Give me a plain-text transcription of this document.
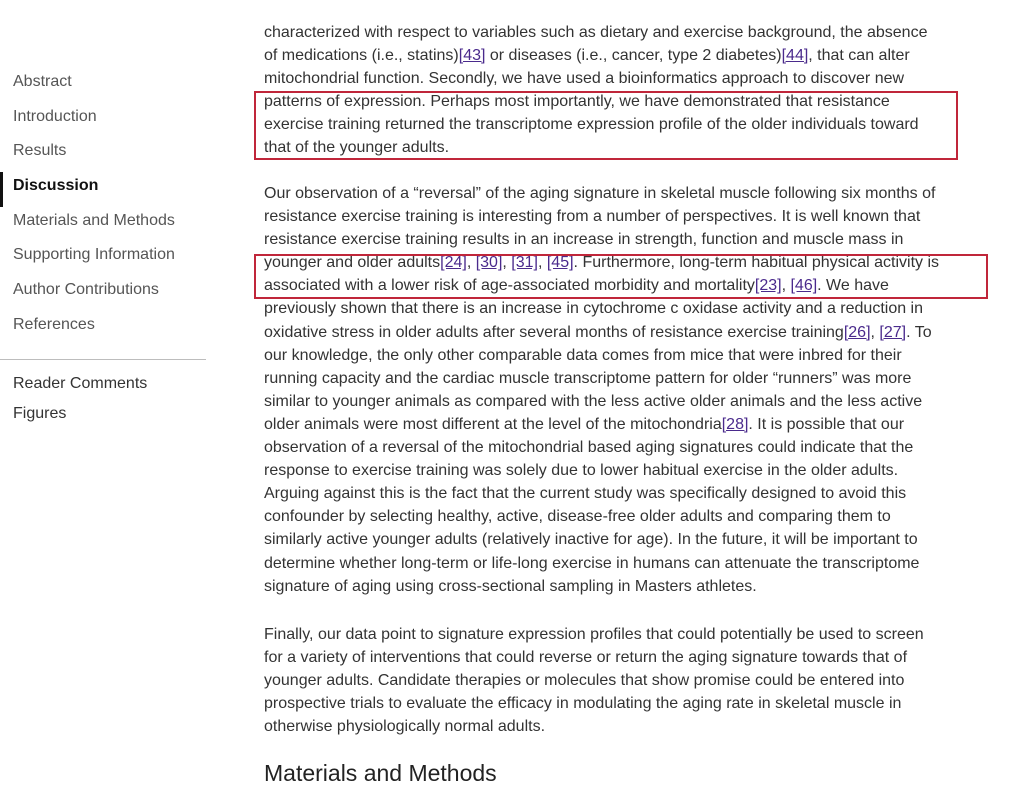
Abstract
Introduction
Results
Discussion
Materials and Methods
Supporting Information
Author Contributions
References
Reader Comments
Figures

characterized with respect to variables such as dietary and exercise background, the absence
of medications (i.e., statins)[43] or diseases (i.e., cancer, type 2 diabetes)[44], that can alter
mitochondrial function. Secondly, we have used a bioinformatics approach to discover new
patterns of expression. Perhaps most importantly, we have demonstrated that resistance
exercise training returned the transcriptome expression profile of the older individuals toward
that of the younger adults.

Our observation of a “reversal” of the aging signature in skeletal muscle following six months of
resistance exercise training is interesting from a number of perspectives. It is well known that
resistance exercise training results in an increase in strength, function and muscle mass in
younger and older adults[24], [30], [31], [45]. Furthermore, long-term habitual physical activity is
associated with a lower risk of age-associated morbidity and mortality[23], [46]. We have
previously shown that there is an increase in cytochrome c oxidase activity and a reduction in
oxidative stress in older adults after several months of resistance exercise training[26], [27]. To
our knowledge, the only other comparable data comes from mice that were inbred for their
running capacity and the cardiac muscle transcriptome pattern for older “runners” was more
similar to younger animals as compared with the less active older animals and the less active
older animals were most different at the level of the mitochondria[28]. It is possible that our
observation of a reversal of the mitochondrial based aging signatures could indicate that the
response to exercise training was solely due to lower habitual exercise in the older adults.
Arguing against this is the fact that the current study was specifically designed to avoid this
confounder by selecting healthy, active, disease-free older adults and comparing them to
similarly active younger adults (relatively inactive for age). In the future, it will be important to
determine whether long-term or life-long exercise in humans can attenuate the transcriptome
signature of aging using cross-sectional sampling in Masters athletes.

Finally, our data point to signature expression profiles that could potentially be used to screen
for a variety of interventions that could reverse or return the aging signature towards that of
younger adults. Candidate therapies or molecules that show promise could be entered into
prospective trials to evaluate the efficacy in modulating the aging rate in skeletal muscle in
otherwise physiologically normal adults.

Materials and Methods
